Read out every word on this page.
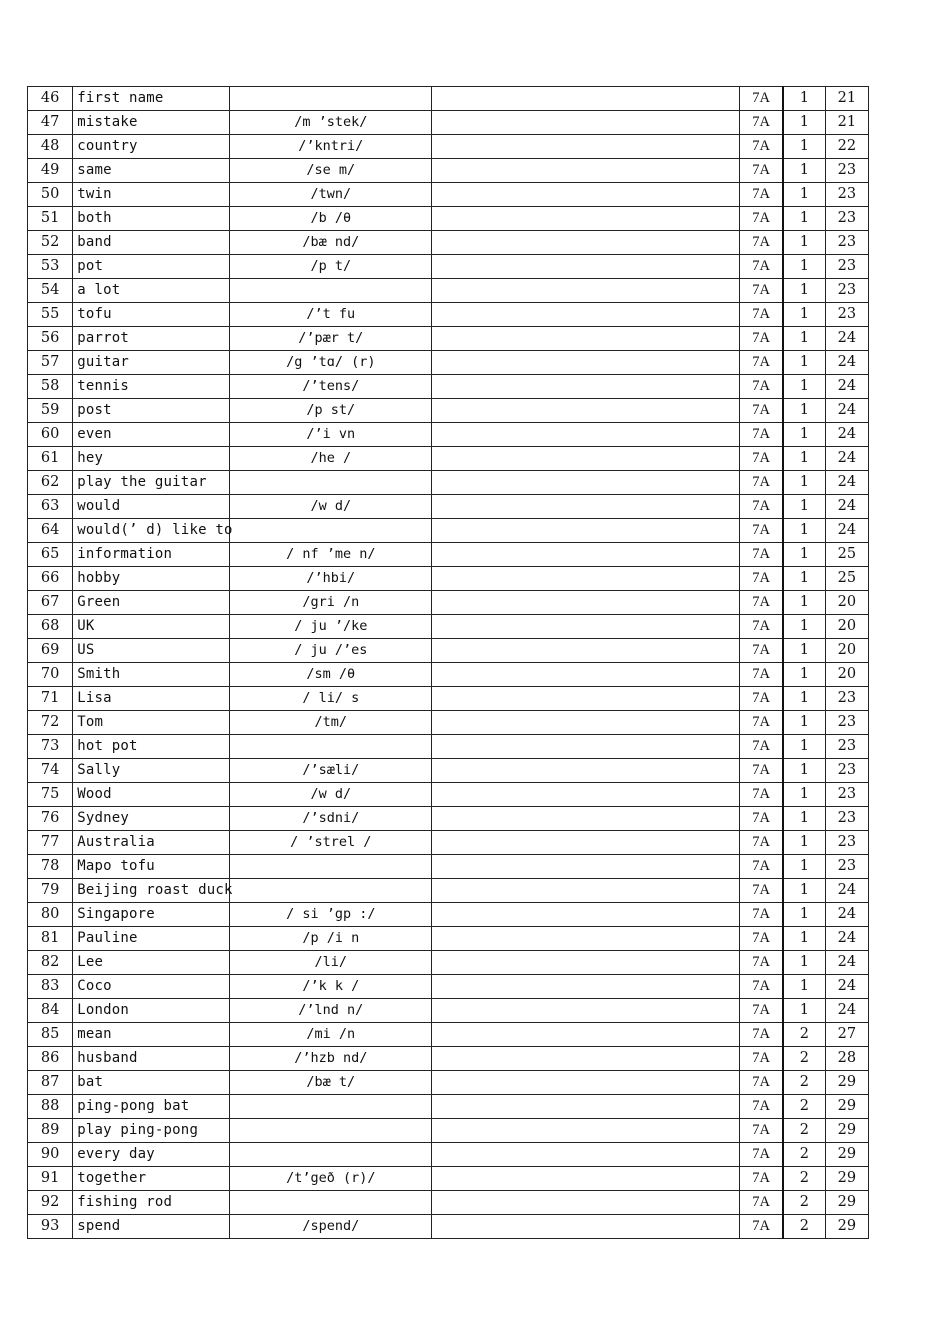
46	first name			7A	1	21
47	mistake	/m ’stek/		7A	1	21
48	country	/’kntri/		7A	1	22
49	same	/se m/		7A	1	23
50	twin	/twn/		7A	1	23
51	both	/b /θ		7A	1	23
52	band	/bæ nd/		7A	1	23
53	pot	/p t/		7A	1	23
54	a lot			7A	1	23
55	tofu	/’t fu		7A	1	23
56	parrot	/’pær t/		7A	1	24
57	guitar	/g ’tɑ/ (r)		7A	1	24
58	tennis	/’tens/		7A	1	24
59	post	/p st/		7A	1	24
60	even	/’i vn		7A	1	24
61	hey	/he /		7A	1	24
62	play the guitar			7A	1	24
63	would	/w d/		7A	1	24
64	would(’ d) like to			7A	1	24
65	information	/ nf ’me n/		7A	1	25
66	hobby	/’hbi/		7A	1	25
67	Green	/gri /n		7A	1	20
68	UK	/ ju ’/ke		7A	1	20
69	US	/ ju /’es		7A	1	20
70	Smith	/sm /θ		7A	1	20
71	Lisa	/ li/ s		7A	1	23
72	Tom	/tm/		7A	1	23
73	hot pot			7A	1	23
74	Sally	/’sæli/		7A	1	23
75	Wood	/w d/		7A	1	23
76	Sydney	/’sdni/		7A	1	23
77	Australia	/ ’strel /		7A	1	23
78	Mapo tofu			7A	1	23
79	Beijing roast duck			7A	1	24
80	Singapore	/ si ’gp :/		7A	1	24
81	Pauline	/p /i n		7A	1	24
82	Lee	/li/		7A	1	24
83	Coco	/’k k /		7A	1	24
84	London	/’lnd n/		7A	1	24
85	mean	/mi /n		7A	2	27
86	husband	/’hzb nd/		7A	2	28
87	bat	/bæ t/		7A	2	29
88	ping-pong bat			7A	2	29
89	play ping-pong			7A	2	29
90	every day			7A	2	29
91	together	/t’geð (r)/		7A	2	29
92	fishing rod			7A	2	29
93	spend	/spend/		7A	2	29
